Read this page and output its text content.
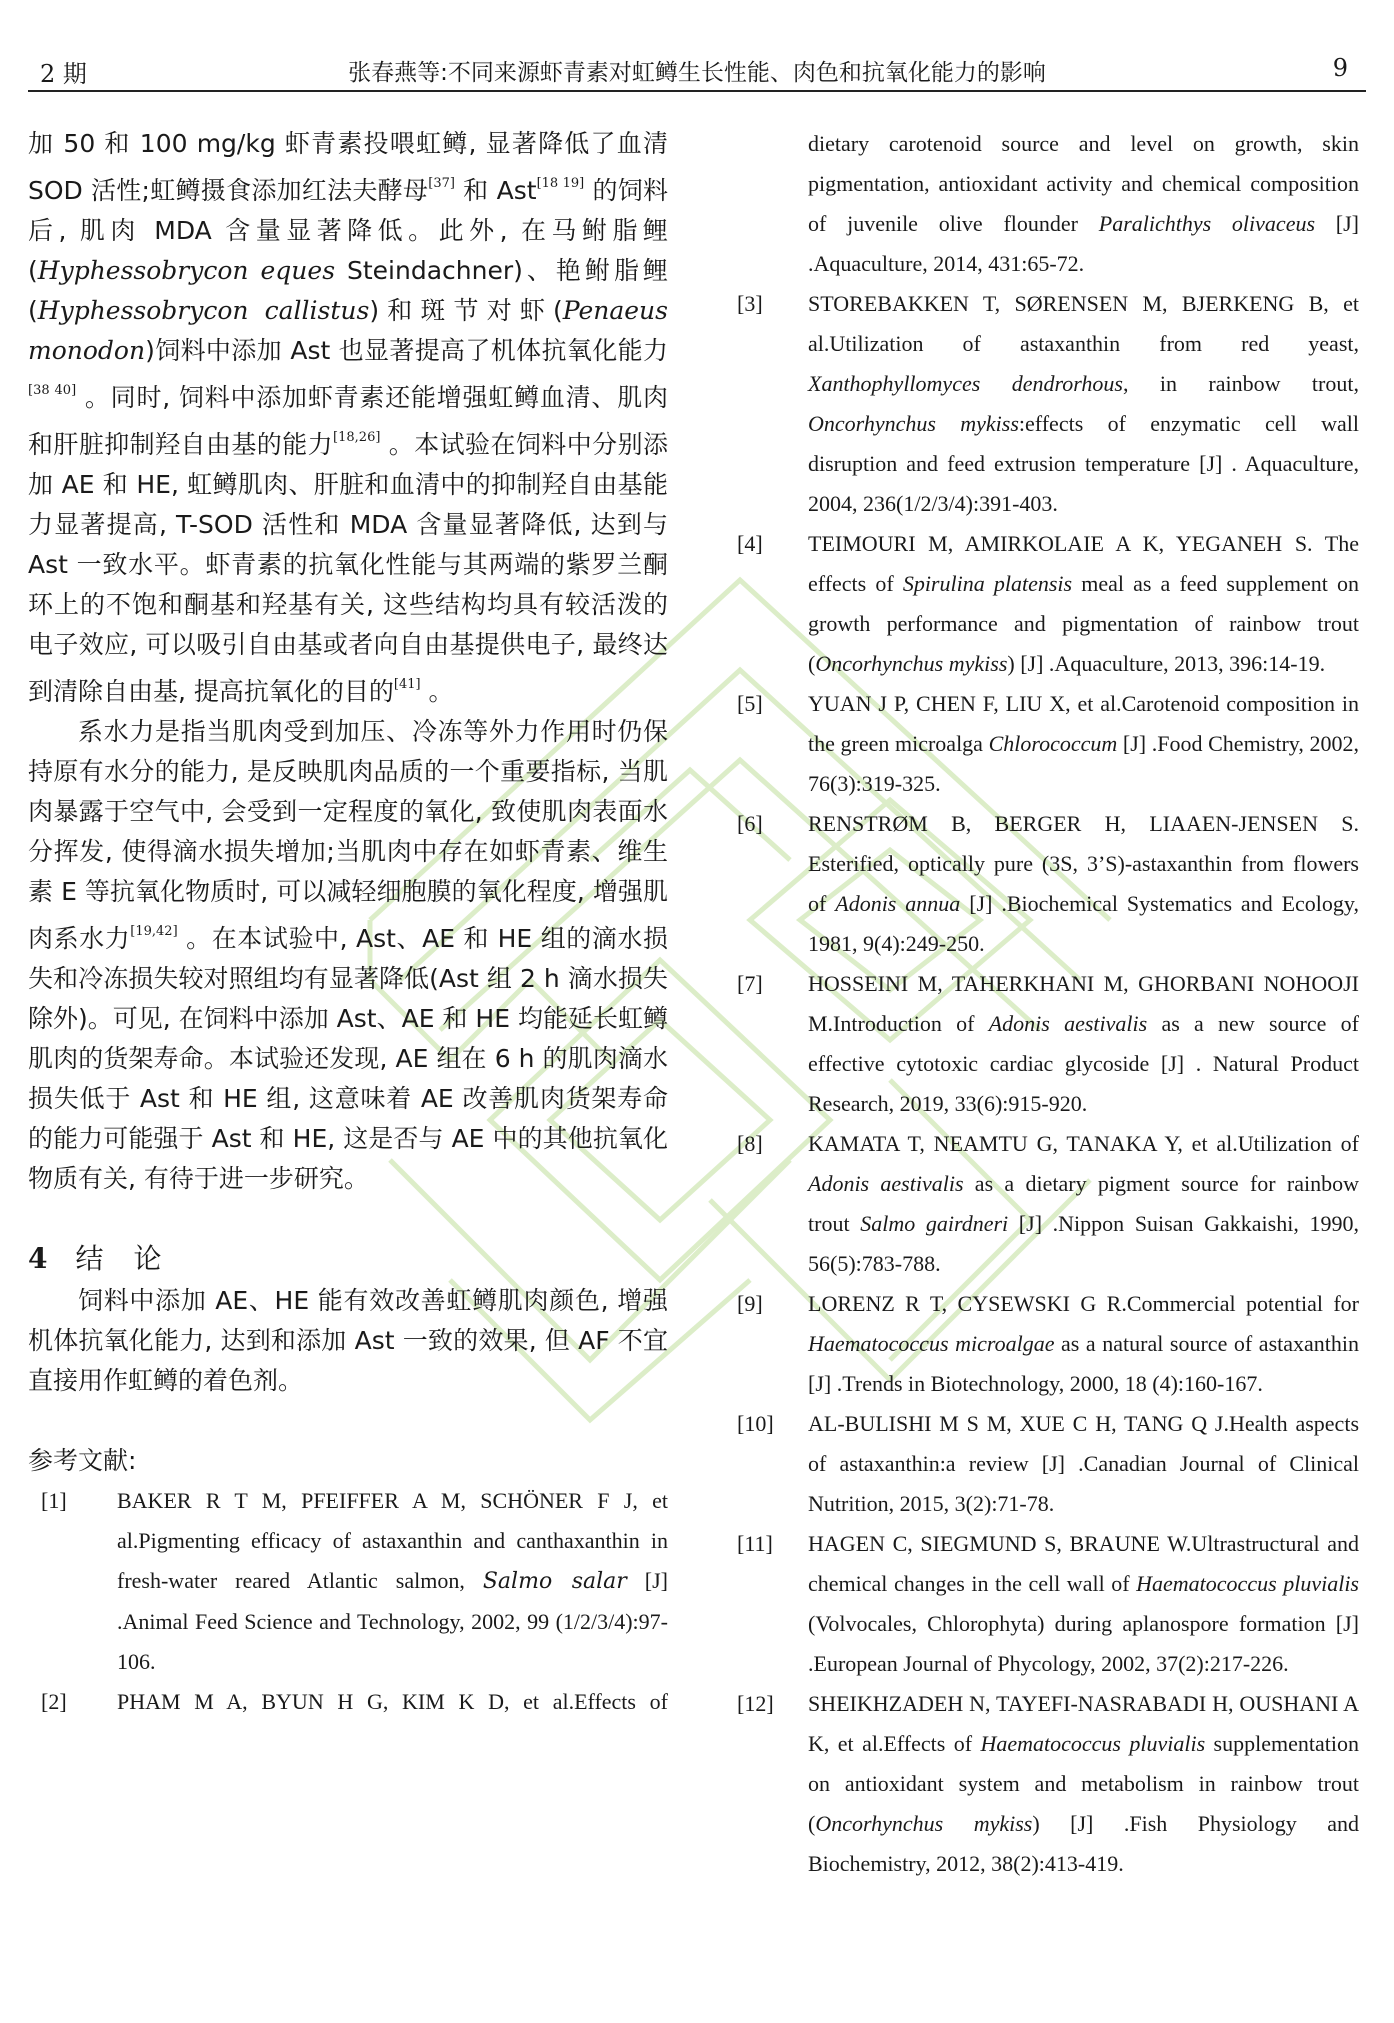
2 期	张春燕等:不同来源虾青素对虹鳟生长性能、肉色和抗氧化能力的影响	9

加 50 和 100 mg/kg 虾青素投喂虹鳟, 显著降低了血清 SOD 活性;虹鳟摄食添加红法夫酵母[37] 和 Ast[18 19] 的饲料后, 肌肉 MDA 含量显著降低。此外, 在马鲋脂鲤 (Hyphessobrycon eques Steindachner)、艳鲋脂鲤(Hyphessobrycon callistus)和斑节对虾(Penaeus monodon)饲料中添加 Ast 也显著提高了机体抗氧化能力[38 40] 。同时, 饲料中添加虾青素还能增强虹鳟血清、肌肉和肝脏抑制羟自由基的能力[18,26] 。本试验在饲料中分别添加 AE 和 HE, 虹鳟肌肉、肝脏和血清中的抑制羟自由基能力显著提高, T-SOD 活性和 MDA 含量显著降低, 达到与 Ast 一致水平。虾青素的抗氧化性能与其两端的紫罗兰酮环上的不饱和酮基和羟基有关, 这些结构均具有较活泼的电子效应, 可以吸引自由基或者向自由基提供电子, 最终达到清除自由基, 提高抗氧化的目的[41] 。

系水力是指当肌肉受到加压、冷冻等外力作用时仍保持原有水分的能力, 是反映肌肉品质的一个重要指标, 当肌肉暴露于空气中, 会受到一定程度的氧化, 致使肌肉表面水分挥发, 使得滴水损失增加;当肌肉中存在如虾青素、维生素 E 等抗氧化物质时, 可以减轻细胞膜的氧化程度, 增强肌肉系水力[19,42] 。在本试验中, Ast、AE 和 HE 组的滴水损失和冷冻损失较对照组均有显著降低(Ast 组 2 h 滴水损失除外)。可见, 在饲料中添加 Ast、AE 和 HE 均能延长虹鳟肌肉的货架寿命。本试验还发现, AE 组在 6 h 的肌肉滴水损失低于 Ast 和 HE 组, 这意味着 AE 改善肌肉货架寿命的能力可能强于 Ast 和 HE, 这是否与 AE 中的其他抗氧化物质有关, 有待于进一步研究。

4 结论

饲料中添加 AE、HE 能有效改善虹鳟肌肉颜色, 增强机体抗氧化能力, 达到和添加 Ast 一致的效果, 但 AF 不宜直接用作虹鳟的着色剂。

参考文献:
[1]	BAKER R T M, PFEIFFER A M, SCHÖNER F J, et al.Pigmenting efficacy of astaxanthin and canthaxanthin in fresh-water reared Atlantic salmon, Salmo salar [J] .Animal Feed Science and Technology, 2002, 99 (1/2/3/4):97-106.
[2]	PHAM M A, BYUN H G, KIM K D, et al.Effects of
dietary carotenoid source and level on growth, skin pigmentation, antioxidant activity and chemical composition of juvenile olive flounder Paralichthys olivaceus [J] .Aquaculture, 2014, 431:65-72.
[3]	STOREBAKKEN T, SØRENSEN M, BJERKENG B, et al.Utilization of astaxanthin from red yeast, Xanthophyllomyces dendrorhous, in rainbow trout, Oncorhynchus mykiss:effects of enzymatic cell wall disruption and feed extrusion temperature [J] . Aquaculture, 2004, 236(1/2/3/4):391-403.
[4]	TEIMOURI M, AMIRKOLAIE A K, YEGANEH S. The effects of Spirulina platensis meal as a feed supplement on growth performance and pigmentation of rainbow trout (Oncorhynchus mykiss) [J] .Aquaculture, 2013, 396:14-19.
[5]	YUAN J P, CHEN F, LIU X, et al.Carotenoid composition in the green microalga Chlorococcum [J] .Food Chemistry, 2002, 76(3):319-325.
[6]	RENSTRØM B, BERGER H, LIAAEN-JENSEN S. Esterified, optically pure (3S, 3’S)-astaxanthin from flowers of Adonis annua [J] .Biochemical Systematics and Ecology, 1981, 9(4):249-250.
[7]	HOSSEINI M, TAHERKHANI M, GHORBANI NOHOOJI M.Introduction of Adonis aestivalis as a new source of effective cytotoxic cardiac glycoside [J] . Natural Product Research, 2019, 33(6):915-920.
[8]	KAMATA T, NEAMTU G, TANAKA Y, et al.Utilization of Adonis aestivalis as a dietary pigment source for rainbow trout Salmo gairdneri [J] .Nippon Suisan Gakkaishi, 1990, 56(5):783-788.
[9]	LORENZ R T, CYSEWSKI G R.Commercial potential for Haematococcus microalgae as a natural source of astaxanthin [J] .Trends in Biotechnology, 2000, 18 (4):160-167.
[10]	AL-BULISHI M S M, XUE C H, TANG Q J.Health aspects of astaxanthin:a review [J] .Canadian Journal of Clinical Nutrition, 2015, 3(2):71-78.
[11]	HAGEN C, SIEGMUND S, BRAUNE W.Ultrastructural and chemical changes in the cell wall of Haematococcus pluvialis (Volvocales, Chlorophyta) during aplanospore formation [J] .European Journal of Phycology, 2002, 37(2):217-226.
[12]	SHEIKHZADEH N, TAYEFI-NASRABADI H, OUSHANI A K, et al.Effects of Haematococcus pluvialis supplementation on antioxidant system and metabolism in rainbow trout (Oncorhynchus mykiss) [J] .Fish Physiology and Biochemistry, 2012, 38(2):413-419.
